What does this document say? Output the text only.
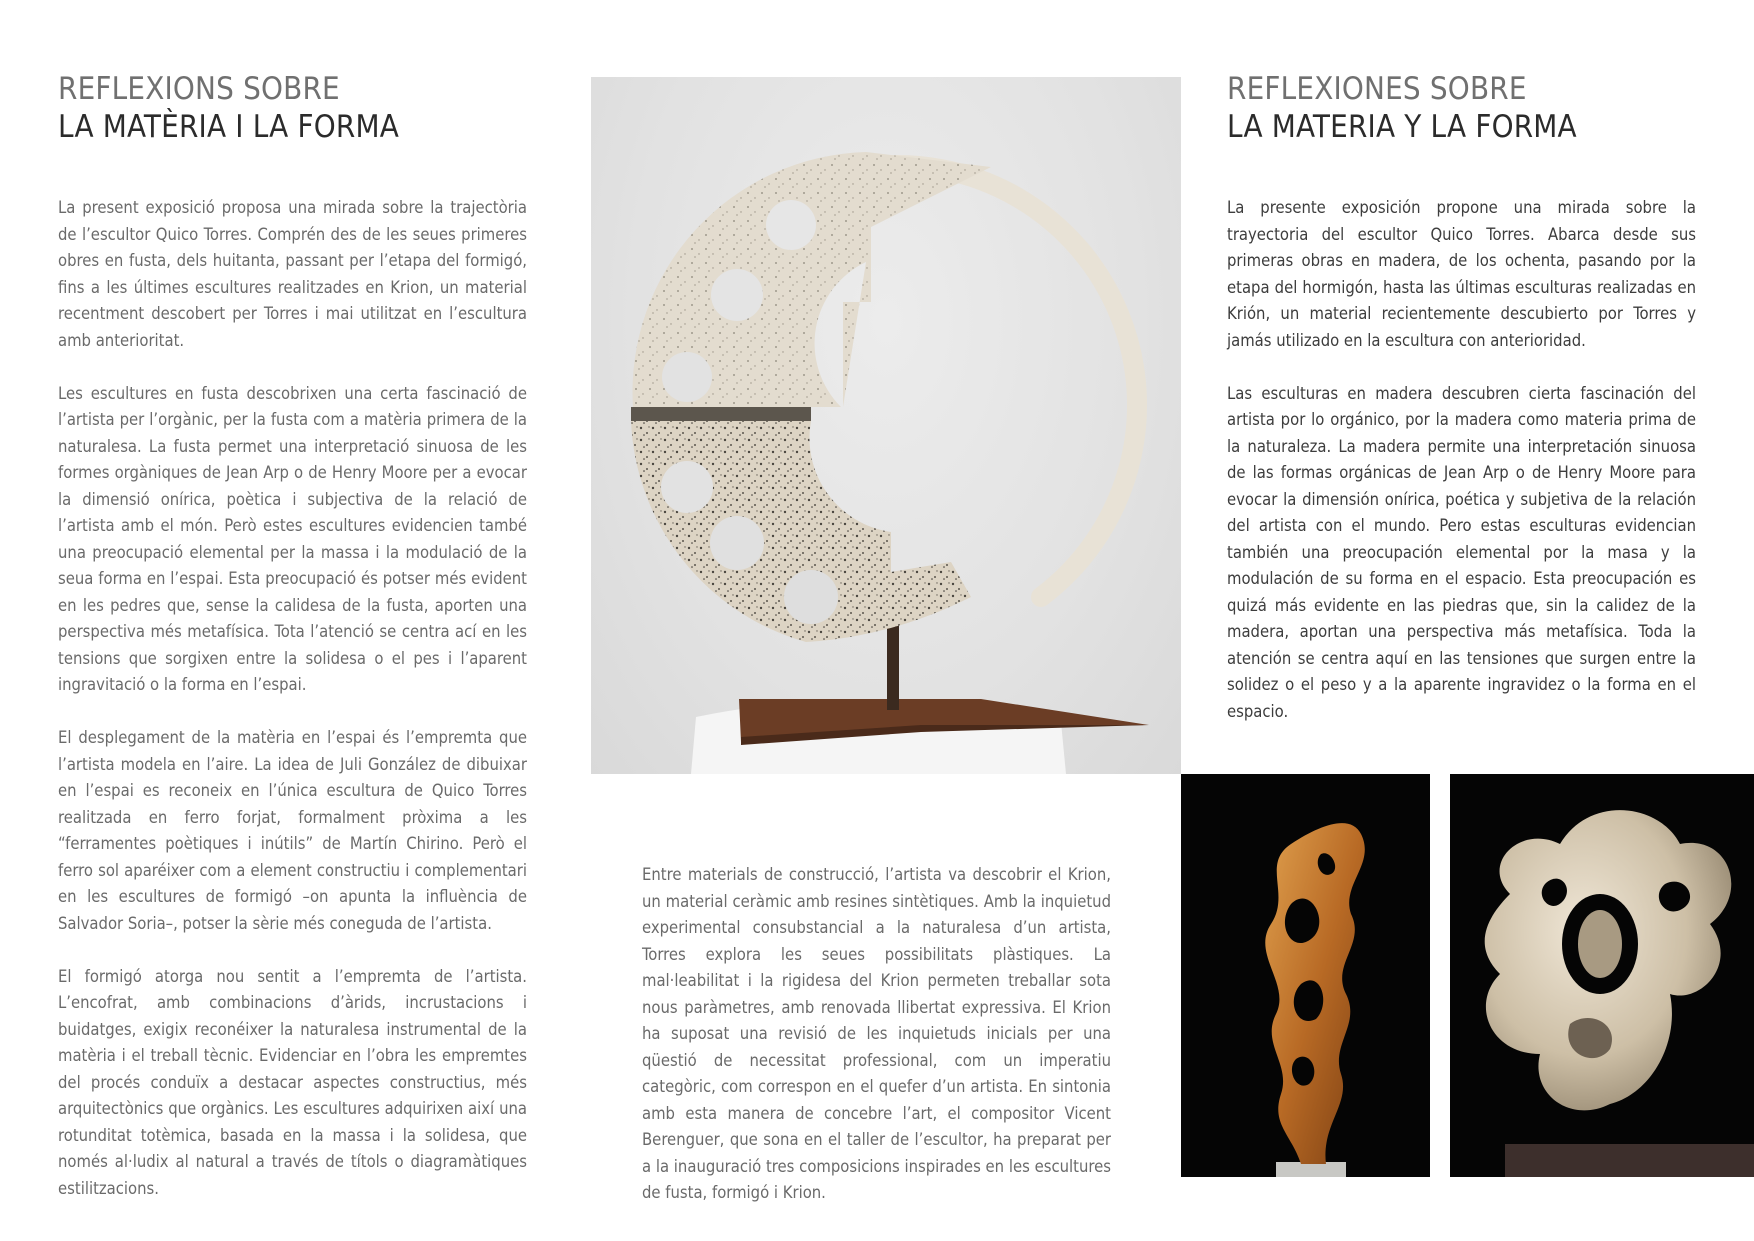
REFLEXIONS SOBRE
LA MATÈRIA I LA FORMA

La present exposició proposa una mirada sobre la trajectòria de l’escultor Quico Torres. Comprén des de les seues primeres obres en fusta, dels huitanta, passant per l’etapa del formigó, fins a les últimes escultures realitzades en Krion, un material recentment descobert per Torres i mai utilitzat en l’escultura amb anterioritat.

Les escultures en fusta descobrixen una certa fascinació de l’artista per l’orgànic, per la fusta com a matèria primera de la naturalesa. La fusta permet una interpretació sinuosa de les formes orgàniques de Jean Arp o de Henry Moore per a evocar la dimensió onírica, poètica i subjectiva de la relació de l’artista amb el món. Però estes escultures evidencien també una preocupació elemental per la massa i la modulació de la seua forma en l’espai. Esta preocupació és potser més evident en les pedres que, sense la calidesa de la fusta, aporten una perspectiva més metafísica. Tota l’atenció se centra ací en les tensions que sorgixen entre la solidesa o el pes i l’aparent ingravitació o la forma en l’espai.

El desplegament de la matèria en l’espai és l’empremta que l’artista modela en l’aire. La idea de Juli González de dibuixar en l’espai es reconeix en l’única escultura de Quico Torres realitzada en ferro forjat, formalment pròxima a les “ferramentes poètiques i inútils” de Martín Chirino. Però el ferro sol aparéixer com a element constructiu i complementari en les escultures de formigó –on apunta la influència de Salvador Soria–, potser la sèrie més coneguda de l’artista.

El formigó atorga nou sentit a l’empremta de l’artista. L’encofrat, amb combinacions d’àrids, incrustacions i buidatges, exigix reconéixer la naturalesa instrumental de la matèria i el treball tècnic. Evidenciar en l’obra les empremtes del procés conduïx a destacar aspectes constructius, més arquitectònics que orgànics. Les escultures adquirixen així una rotunditat totèmica, basada en la massa i la solidesa, que només al·ludix al natural a través de títols o diagramàtiques estilitzacions.

REFLEXIONES SOBRE
LA MATERIA Y LA FORMA

La presente exposición propone una mirada sobre la trayectoria del escultor Quico Torres. Abarca desde sus primeras obras en madera, de los ochenta, pasando por la etapa del hormigón, hasta las últimas esculturas realizadas en Krión, un material recientemente descubierto por Torres y jamás utilizado en la escultura con anterioridad.

Las esculturas en madera descubren cierta fascinación del artista por lo orgánico, por la madera como materia prima de la naturaleza. La madera permite una interpretación sinuosa de las formas orgánicas de Jean Arp o de Henry Moore para evocar la dimensión onírica, poética y subjetiva de la relación del artista con el mundo. Pero estas esculturas evidencian también una preocupación elemental por la masa y la modulación de su forma en el espacio. Esta preocupación es quizá más evidente en las piedras que, sin la calidez de la madera, aportan una perspectiva más metafísica. Toda la atención se centra aquí en las tensiones que surgen entre la solidez o el peso y a la aparente ingravidez o la forma en el espacio.

Entre materials de construcció, l’artista va descobrir el Krion, un material ceràmic amb resines sintètiques. Amb la inquietud experimental consubstancial a la naturalesa d’un artista, Torres explora les seues possibilitats plàstiques. La mal·leabilitat i la rigidesa del Krion permeten treballar sota nous paràmetres, amb renovada llibertat expressiva. El Krion ha suposat una revisió de les inquietuds inicials per una qüestió de necessitat professional, com un imperatiu categòric, com correspon en el quefer d’un artista. En sintonia amb esta manera de concebre l’art, el compositor Vicent Berenguer, que sona en el taller de l’escultor, ha preparat per a la inauguració tres composicions inspirades en les escultures de fusta, formigó i Krion.
